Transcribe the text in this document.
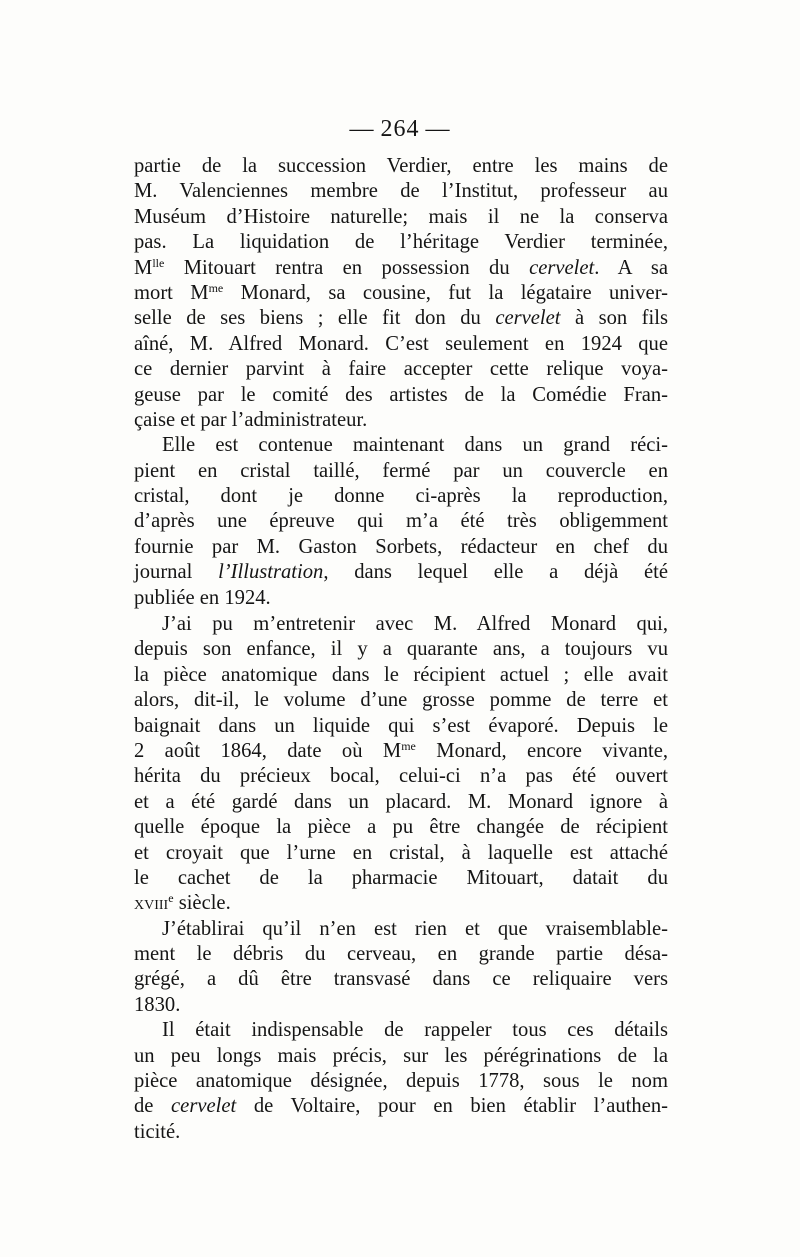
— 264 —
partie de la succession Verdier, entre les mains de
M. Valenciennes membre de l’Institut, professeur au
Muséum d’Histoire naturelle; mais il ne la conserva
pas. La liquidation de l’héritage Verdier terminée,
$M^{lle}$ Mitouart rentra en possession du cervelet. A sa
mort $M^{me}$ Monard, sa cousine, fut la légataire univer-
selle de ses biens ; elle fit don du cervelet à son fils
aîné, M. Alfred Monard. C’est seulement en 1924 que
ce dernier parvint à faire accepter cette relique voya-
geuse par le comité des artistes de la Comédie Fran-
çaise et par l’administrateur.
Elle est contenue maintenant dans un grand réci-
pient en cristal taillé, fermé par un couvercle en
cristal, dont je donne ci-après la reproduction,
d’après une épreuve qui m’a été très obligemment
fournie par M. Gaston Sorbets, rédacteur en chef du
journal l’Illustration, dans lequel elle a déjà été
publiée en 1924.
J’ai pu m’entretenir avec M. Alfred Monard qui,
depuis son enfance, il y a quarante ans, a toujours vu
la pièce anatomique dans le récipient actuel ; elle avait
alors, dit-il, le volume d’une grosse pomme de terre et
baignait dans un liquide qui s’est évaporé. Depuis le
2 août 1864, date où $M^{me}$ Monard, encore vivante,
hérita du précieux bocal, celui-ci n’a pas été ouvert
et a été gardé dans un placard. M. Monard ignore à
quelle époque la pièce a pu être changée de récipient
et croyait que l’urne en cristal, à laquelle est attaché
le cachet de la pharmacie Mitouart, datait du
xviii$^e$ siècle.
J’établirai qu’il n’en est rien et que vraisemblable-
ment le débris du cerveau, en grande partie désa-
grégé, a dû être transvasé dans ce reliquaire vers
1830.
Il était indispensable de rappeler tous ces détails
un peu longs mais précis, sur les pérégrinations de la
pièce anatomique désignée, depuis 1778, sous le nom
de cervelet de Voltaire, pour en bien établir l’authen-
ticité.
